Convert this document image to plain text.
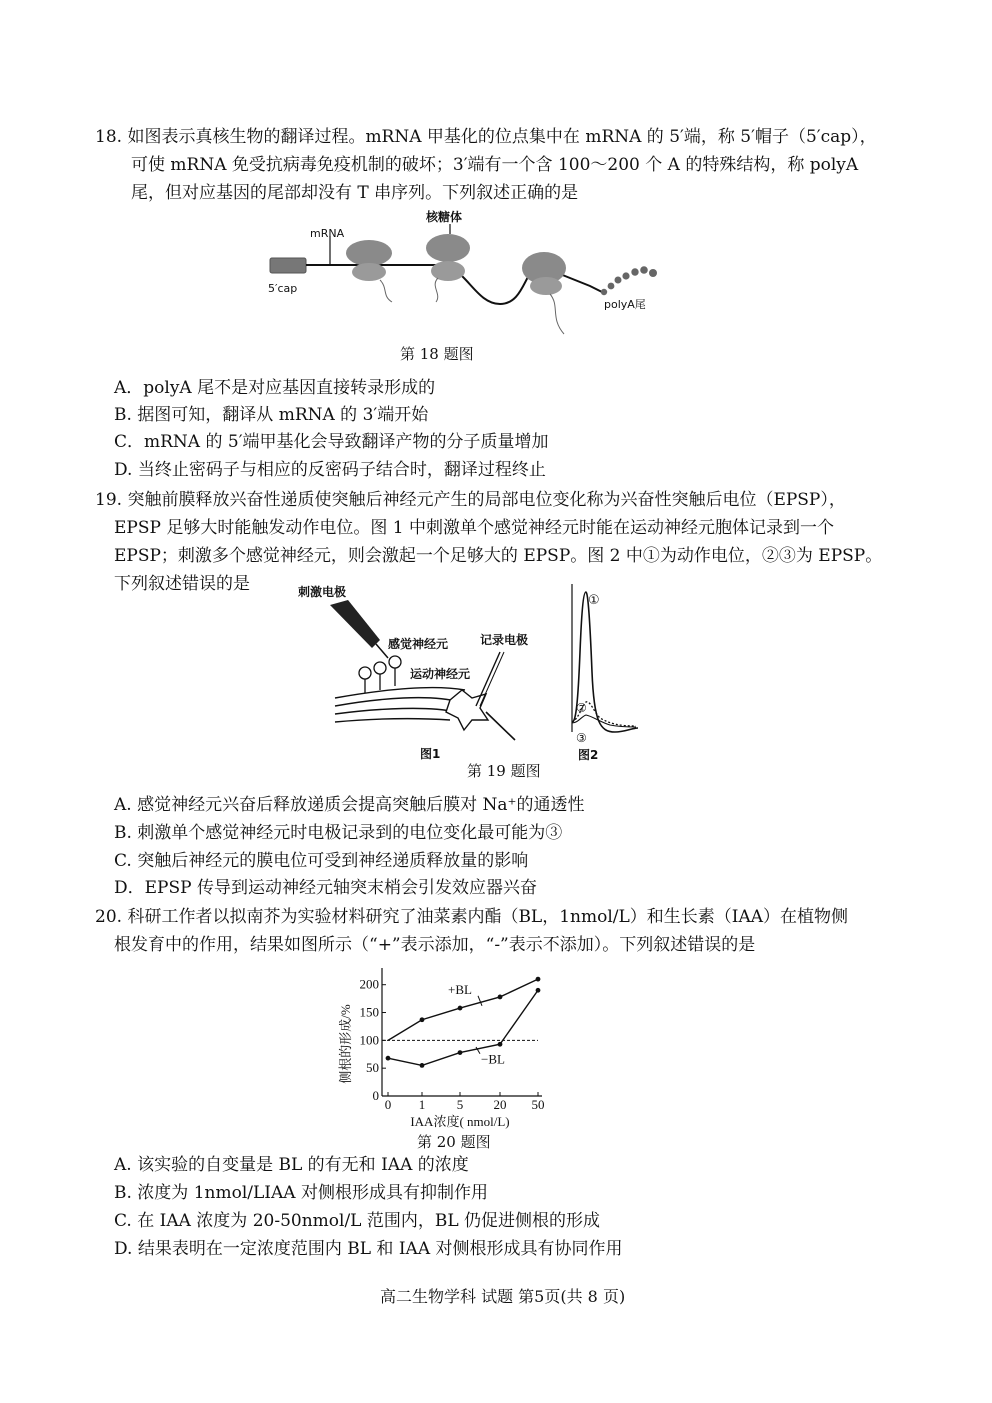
18. 如图表示真核生物的翻译过程。mRNA 甲基化的位点集中在 mRNA 的 5′端，称 5′帽子（5′cap），
可使 mRNA 免受抗病毒免疫机制的破坏；3′端有一个含 100～200 个 A 的特殊结构，称 polyA
尾，但对应基因的尾部却没有 T 串序列。下列叙述正确的是
mRNA
核糖体
5′cap
polyA尾
第 18 题图
A．polyA 尾不是对应基因直接转录形成的
B. 据图可知，翻译从 mRNA 的 3′端开始
C．mRNA 的 5′端甲基化会导致翻译产物的分子质量增加
D. 当终止密码子与相应的反密码子结合时，翻译过程终止
19. 突触前膜释放兴奋性递质使突触后神经元产生的局部电位变化称为兴奋性突触后电位（EPSP），
EPSP 足够大时能触发动作电位。图 1 中刺激单个感觉神经元时能在运动神经元胞体记录到一个
EPSP；刺激多个感觉神经元，则会激起一个足够大的 EPSP。图 2 中①为动作电位，②③为 EPSP。
下列叙述错误的是	刺激电极
感觉神经元	记录电极
运动神经元
图1
①
②
③
图2
第 19 题图
A. 感觉神经元兴奋后释放递质会提高突触后膜对 Na⁺的通透性
B. 刺激单个感觉神经元时电极记录到的电位变化最可能为③
C. 突触后神经元的膜电位可受到神经递质释放量的影响
D．EPSP 传导到运动神经元轴突末梢会引发效应器兴奋
20. 科研工作者以拟南芥为实验材料研究了油菜素内酯（BL，1nmol/L）和生长素（IAA）在植物侧
根发育中的作用，结果如图所示（“+”表示添加，“-”表示不添加）。下列叙述错误的是
侧根的形成/%
IAA浓度( nmol/L)
0
50
100
150
200
0 1 5 20 50
+BL
−BL
第 20 题图
A. 该实验的自变量是 BL 的有无和 IAA 的浓度
B. 浓度为 1nmol/LIAA 对侧根形成具有抑制作用
C. 在 IAA 浓度为 20-50nmol/L 范围内，BL 仍促进侧根的形成
D. 结果表明在一定浓度范围内 BL 和 IAA 对侧根形成具有协同作用
高二生物学科 试题 第5页(共 8 页)
